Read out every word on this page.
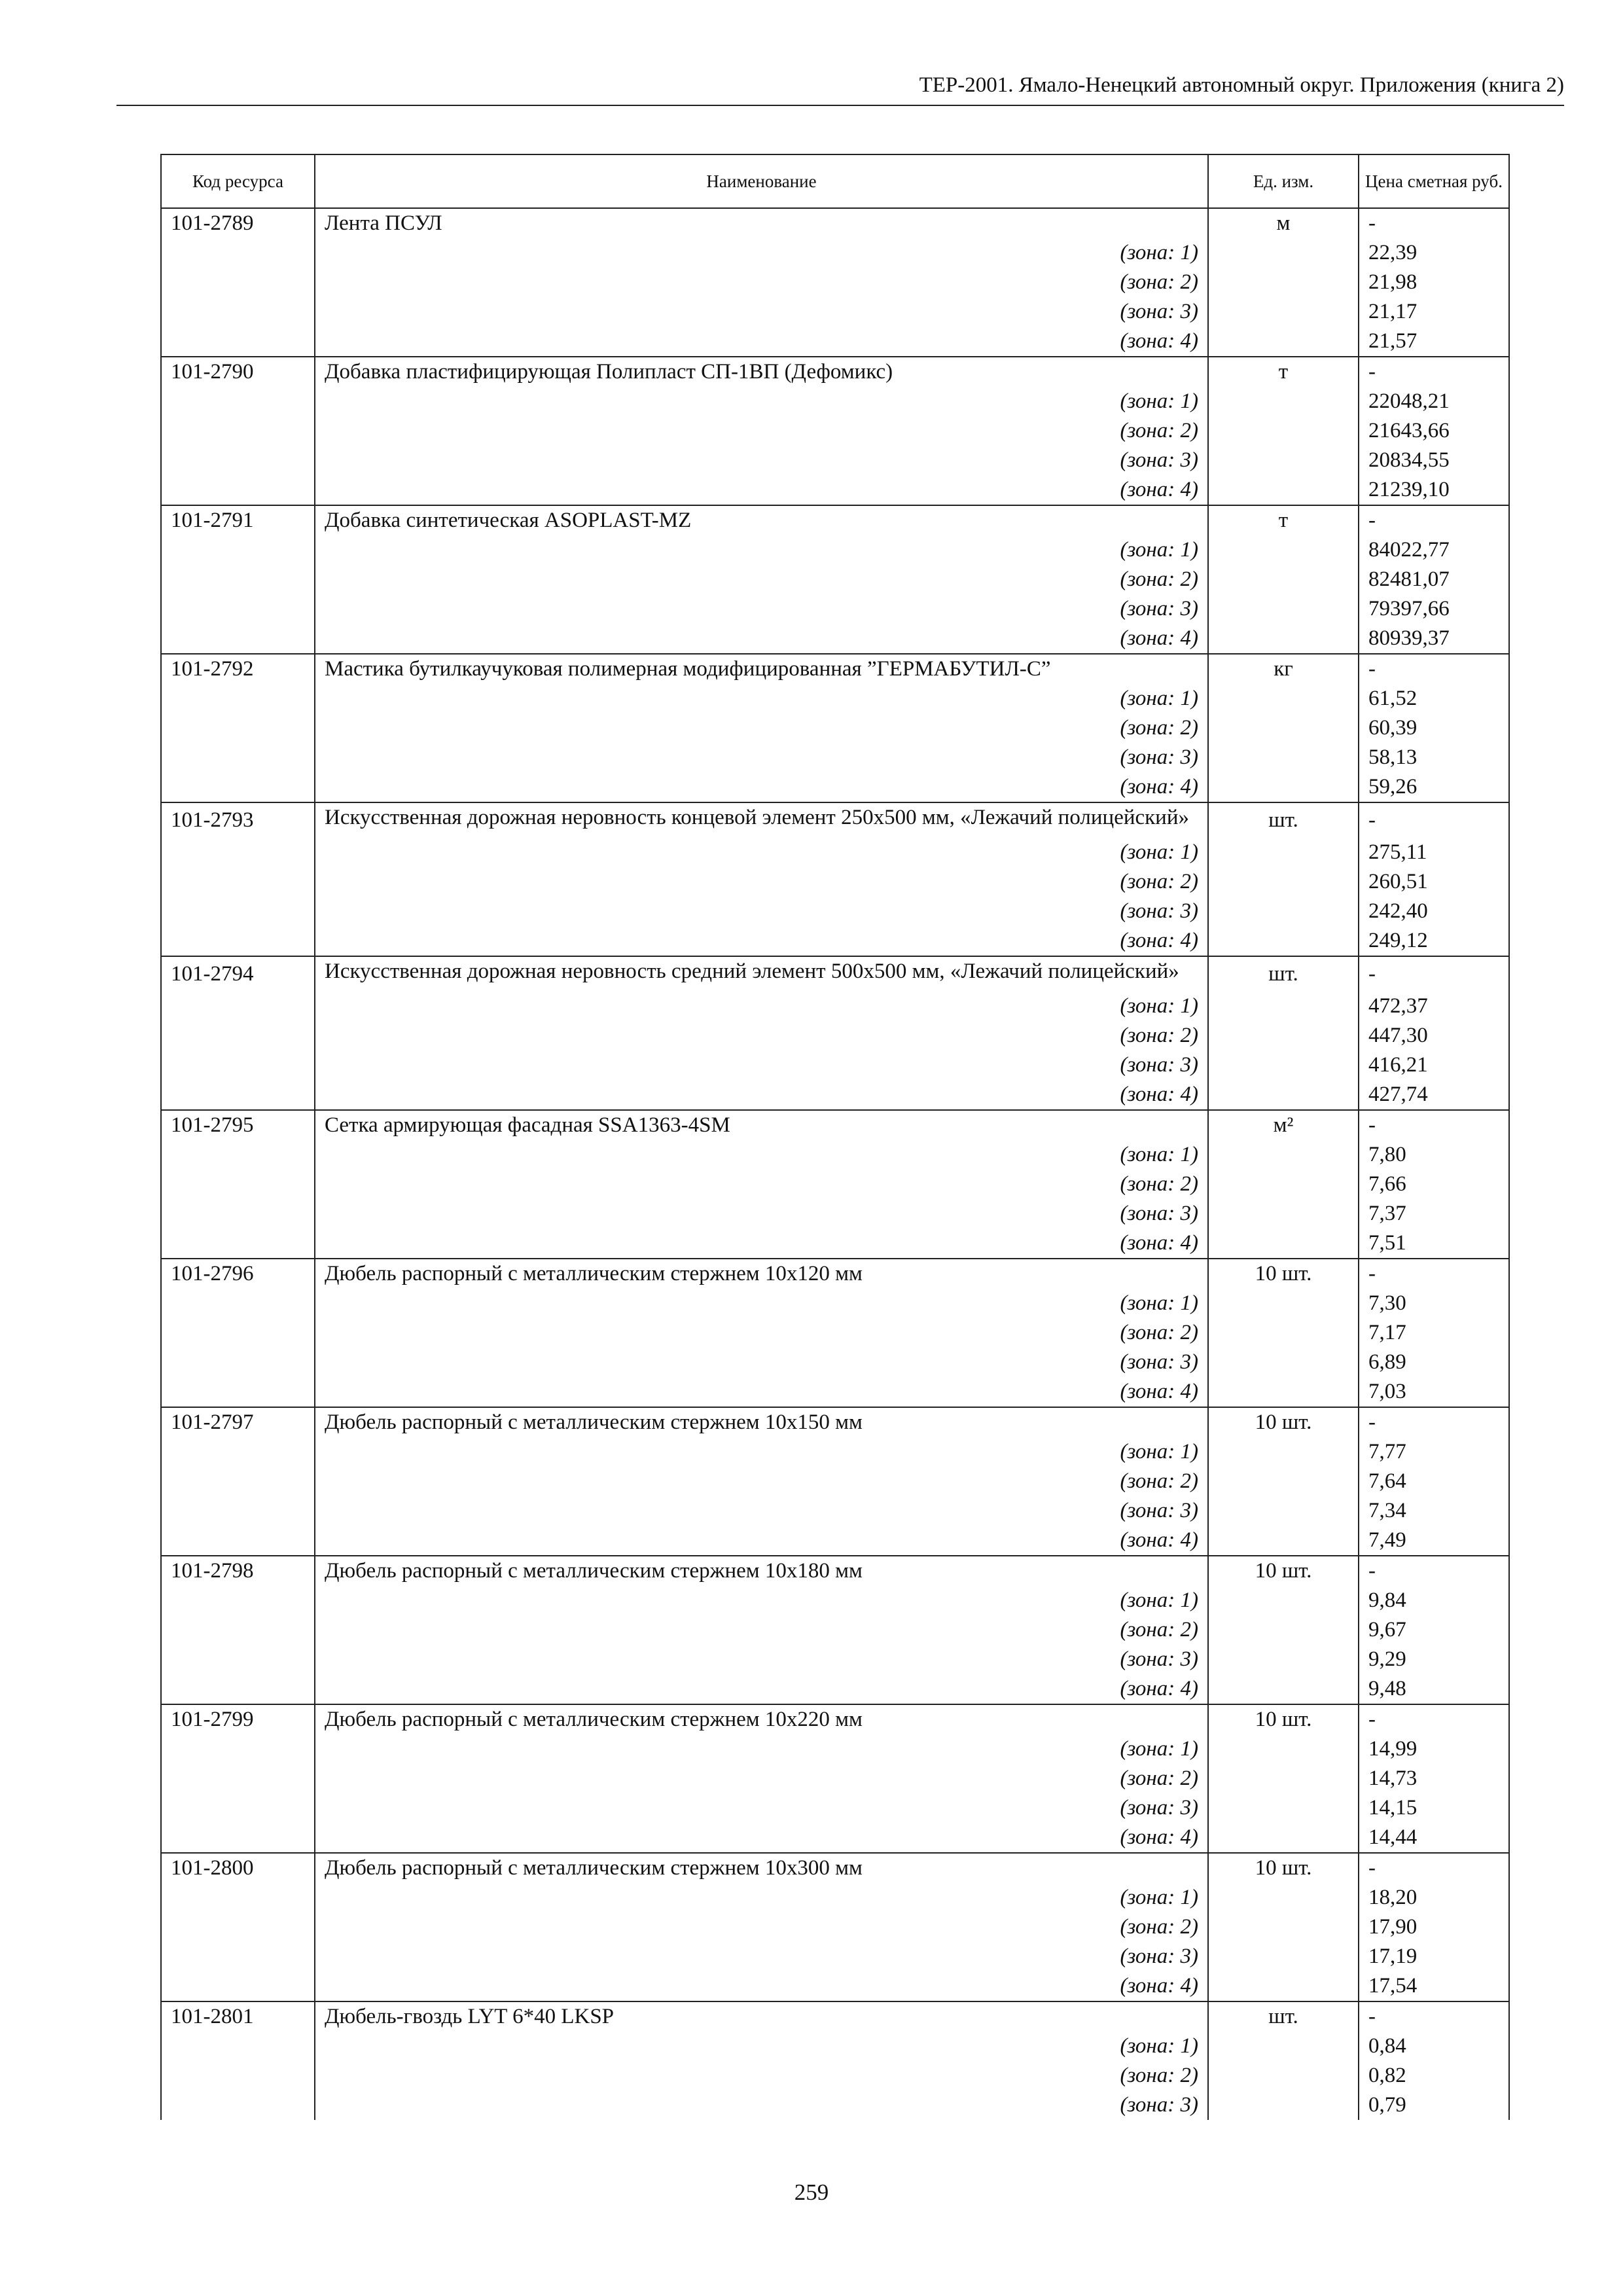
ТЕР-2001. Ямало-Ненецкий автономный округ. Приложения (книга 2)
Код ресурса	Наименование	Ед. изм.	Цена сметная руб.
101-2789	Лента ПСУЛ	м	-
	(зона: 1)		22,39
	(зона: 2)		21,98
	(зона: 3)		21,17
	(зона: 4)		21,57
101-2790	Добавка пластифицирующая Полипласт СП-1ВП (Дефомикс)	т	-
	(зона: 1)		22048,21
	(зона: 2)		21643,66
	(зона: 3)		20834,55
	(зона: 4)		21239,10
101-2791	Добавка синтетическая ASOPLAST-MZ	т	-
	(зона: 1)		84022,77
	(зона: 2)		82481,07
	(зона: 3)		79397,66
	(зона: 4)		80939,37
101-2792	Мастика бутилкаучуковая полимерная модифицированная ”ГЕРМАБУТИЛ-С”	кг	-
	(зона: 1)		61,52
	(зона: 2)		60,39
	(зона: 3)		58,13
	(зона: 4)		59,26
101-2793	Искусственная дорожная неровность концевой элемент 250х500 мм, «Лежачий полицейский»	шт.	-
	(зона: 1)		275,11
	(зона: 2)		260,51
	(зона: 3)		242,40
	(зона: 4)		249,12
101-2794	Искусственная дорожная неровность средний элемент 500х500 мм, «Лежачий полицейский»	шт.	-
	(зона: 1)		472,37
	(зона: 2)		447,30
	(зона: 3)		416,21
	(зона: 4)		427,74
101-2795	Сетка армирующая фасадная SSA1363-4SM	м²	-
	(зона: 1)		7,80
	(зона: 2)		7,66
	(зона: 3)		7,37
	(зона: 4)		7,51
101-2796	Дюбель распорный с металлическим стержнем 10х120 мм	10 шт.	-
	(зона: 1)		7,30
	(зона: 2)		7,17
	(зона: 3)		6,89
	(зона: 4)		7,03
101-2797	Дюбель распорный с металлическим стержнем 10х150 мм	10 шт.	-
	(зона: 1)		7,77
	(зона: 2)		7,64
	(зона: 3)		7,34
	(зона: 4)		7,49
101-2798	Дюбель распорный с металлическим стержнем 10х180 мм	10 шт.	-
	(зона: 1)		9,84
	(зона: 2)		9,67
	(зона: 3)		9,29
	(зона: 4)		9,48
101-2799	Дюбель распорный с металлическим стержнем 10х220 мм	10 шт.	-
	(зона: 1)		14,99
	(зона: 2)		14,73
	(зона: 3)		14,15
	(зона: 4)		14,44
101-2800	Дюбель распорный с металлическим стержнем 10х300 мм	10 шт.	-
	(зона: 1)		18,20
	(зона: 2)		17,90
	(зона: 3)		17,19
	(зона: 4)		17,54
101-2801	Дюбель-гвоздь LYT 6*40 LKSP	шт.	-
	(зона: 1)		0,84
	(зона: 2)		0,82
	(зона: 3)		0,79
259
